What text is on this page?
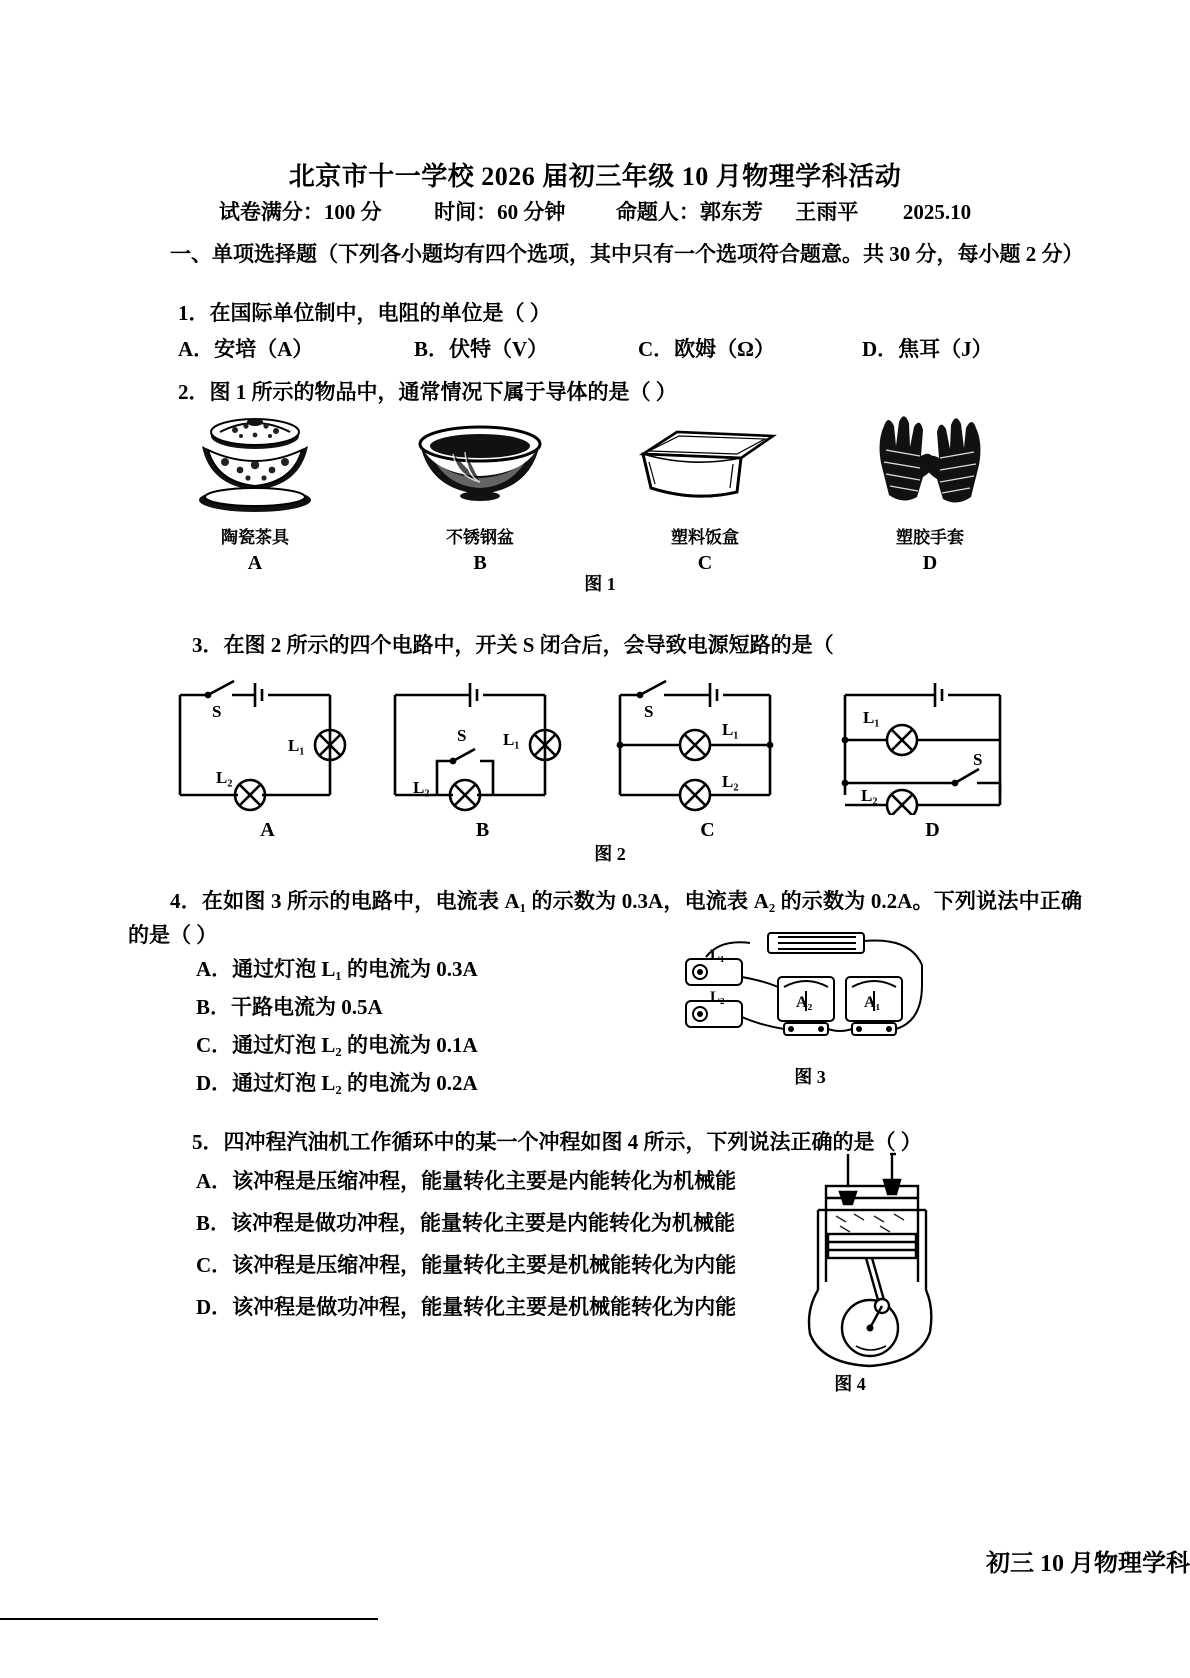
北京市十一学校 2026 届初三年级 10 月物理学科活动
试卷满分：100 分	时间：60 分钟 命题人：郭东芳 王雨平 2025.10
一、单项选择题（下列各小题均有四个选项，其中只有一个选项符合题意。共 30 分，每小题 2 分）
1．在国际单位制中，电阻的单位是（ ）
A．安培（A）	B．伏特（V）	C．欧姆（Ω）	D．焦耳（J）
2．图 1 所示的物品中，通常情况下属于导体的是（ ）
陶瓷茶具
A
不锈钢盆
B
塑料饭盒
C
塑胶手套
D
图 1
3．在图 2 所示的四个电路中，开关 S 闭合后，会导致电源短路的是（
S
L₁
L₂
A
S L₁
L₂
B
S
L₁
L₂
C
L₁
S
L₂
D
图 2
4．在如图 3 所示的电路中，电流表 A₁ 的示数为 0.3A，电流表 A₂ 的示数为 0.2A。下列说法中正确的是（ ）
A．通过灯泡 L₁ 的电流为 0.3A
B．干路电流为 0.5A
C．通过灯泡 L₂ 的电流为 0.1A
D．通过灯泡 L₂ 的电流为 0.2A
L₁
L₂	A₂	A₁
图 3
5．四冲程汽油机工作循环中的某一个冲程如图 4 所示，下列说法正确的是（ ）
A．该冲程是压缩冲程，能量转化主要是内能转化为机械能
B．该冲程是做功冲程，能量转化主要是内能转化为机械能
C．该冲程是压缩冲程，能量转化主要是机械能转化为内能
D．该冲程是做功冲程，能量转化主要是机械能转化为内能
图 4
初三 10 月物理学科
